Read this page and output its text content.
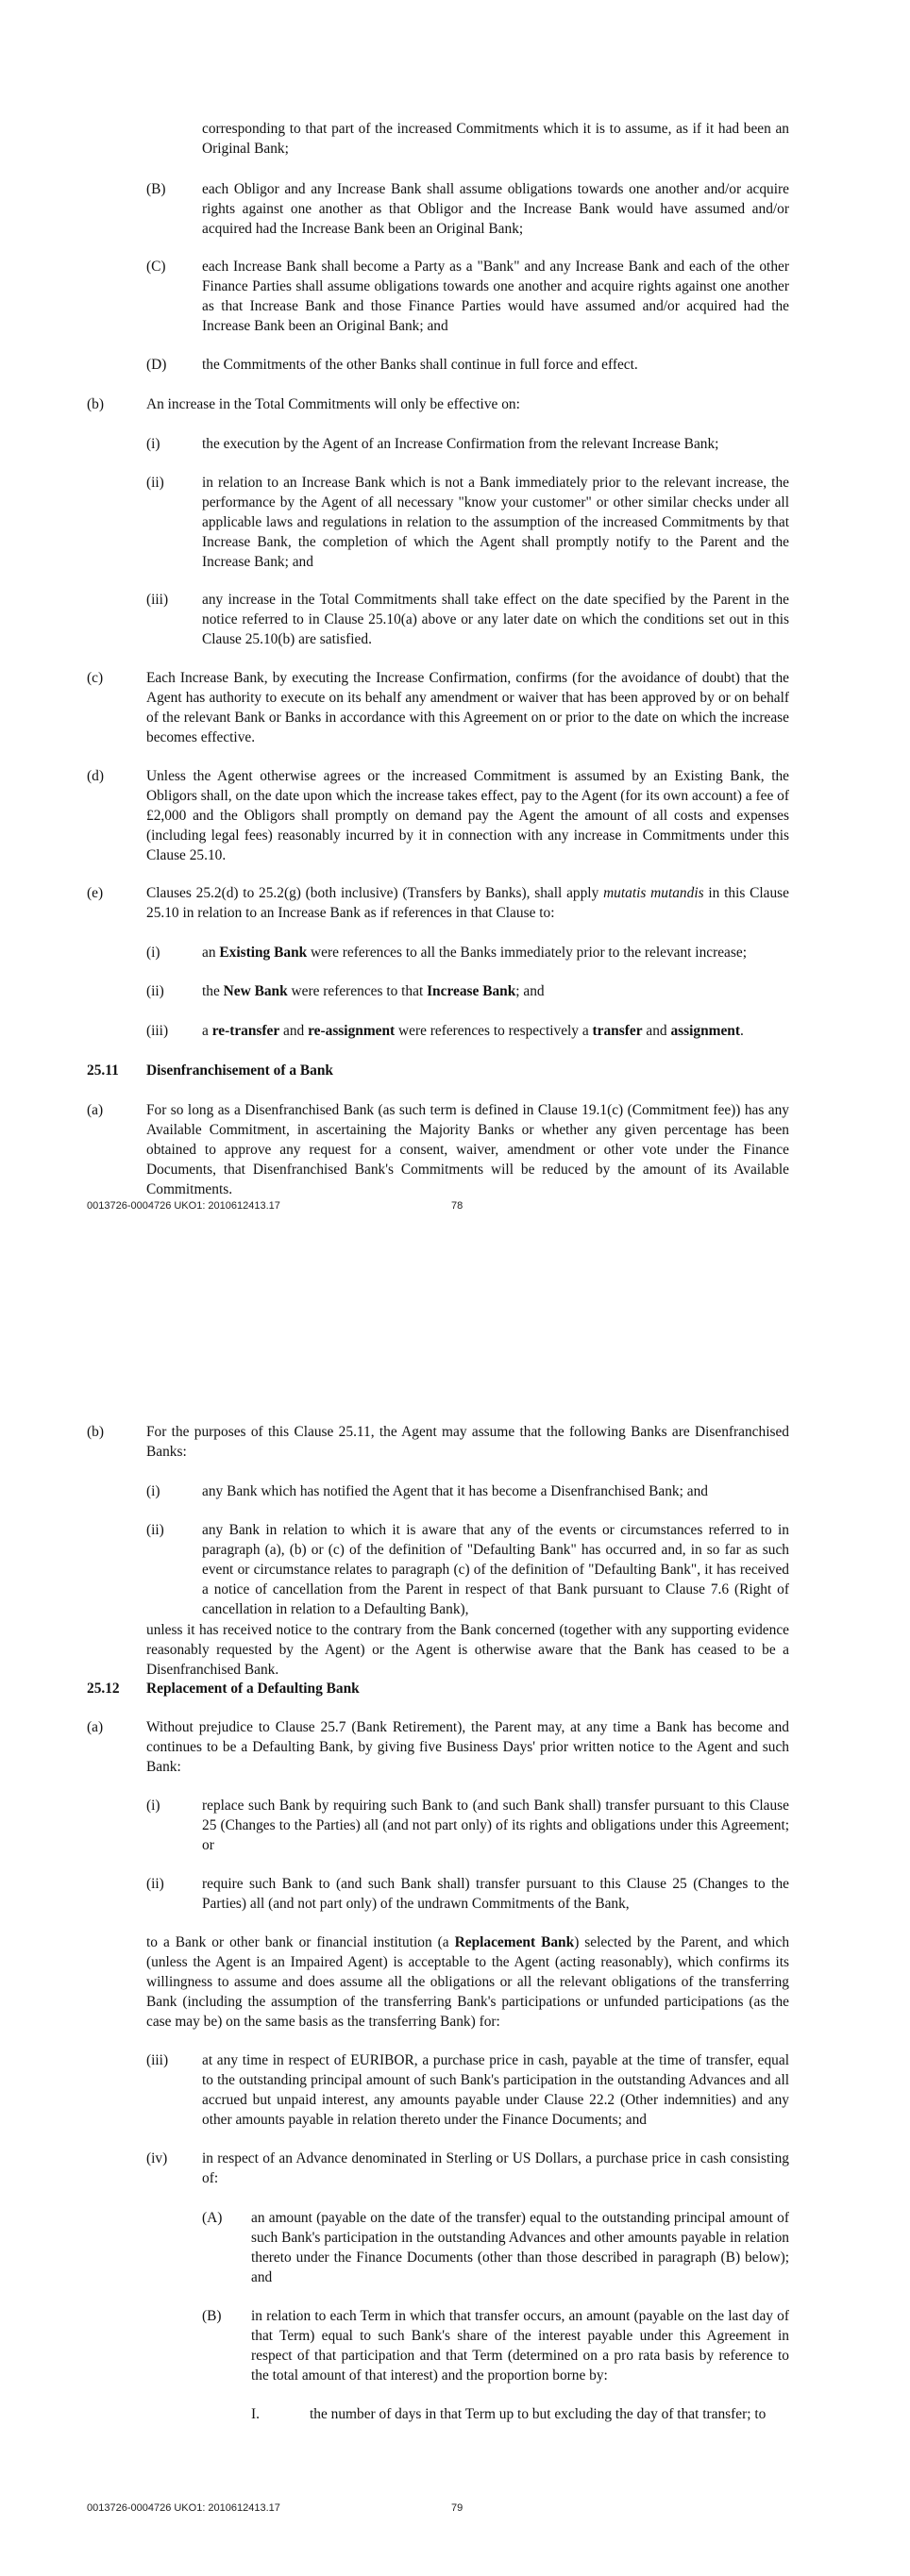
corresponding to that part of the increased Commitments which it is to assume, as if it had been an Original Bank;

(B) each Obligor and any Increase Bank shall assume obligations towards one another and/or acquire rights against one another as that Obligor and the Increase Bank would have assumed and/or acquired had the Increase Bank been an Original Bank;

(C) each Increase Bank shall become a Party as a "Bank" and any Increase Bank and each of the other Finance Parties shall assume obligations towards one another and acquire rights against one another as that Increase Bank and those Finance Parties would have assumed and/or acquired had the Increase Bank been an Original Bank; and

(D) the Commitments of the other Banks shall continue in full force and effect.

(b)	An increase in the Total Commitments will only be effective on:

(i)	the execution by the Agent of an Increase Confirmation from the relevant Increase Bank;

(ii)	in relation to an Increase Bank which is not a Bank immediately prior to the relevant increase, the performance by the Agent of all necessary "know your customer" or other similar checks under all applicable laws and regulations in relation to the assumption of the increased Commitments by that Increase Bank, the completion of which the Agent shall promptly notify to the Parent and the Increase Bank; and

(iii) any increase in the Total Commitments shall take effect on the date specified by the Parent in the notice referred to in Clause 25.10(a) above or any later date on which the conditions set out in this Clause 25.10(b) are satisfied.

(c)	Each Increase Bank, by executing the Increase Confirmation, confirms (for the avoidance of doubt) that the Agent has authority to execute on its behalf any amendment or waiver that has been approved by or on behalf of the relevant Bank or Banks in accordance with this Agreement on or prior to the date on which the increase becomes effective.

(d)	Unless the Agent otherwise agrees or the increased Commitment is assumed by an Existing Bank, the Obligors shall, on the date upon which the increase takes effect, pay to the Agent (for its own account) a fee of £2,000 and the Obligors shall promptly on demand pay the Agent the amount of all costs and expenses (including legal fees) reasonably incurred by it in connection with any increase in Commitments under this Clause 25.10.

(e)	Clauses 25.2(d) to 25.2(g) (both inclusive) (Transfers by Banks), shall apply mutatis mutandis in this Clause 25.10 in relation to an Increase Bank as if references in that Clause to:

(i)	an Existing Bank were references to all the Banks immediately prior to the relevant increase;

(ii)	the New Bank were references to that Increase Bank; and

(iii) a re-transfer and re-assignment were references to respectively a transfer and assignment.

25.11 Disenfranchisement of a Bank

(a)	For so long as a Disenfranchised Bank (as such term is defined in Clause 19.1(c) (Commitment fee)) has any Available Commitment, in ascertaining the Majority Banks or whether any given percentage has been obtained to approve any request for a consent, waiver, amendment or other vote under the Finance Documents, that Disenfranchised Bank's Commitments will be reduced by the amount of its Available Commitments.

0013726-0004726 UKO1: 2010612413.17	78

(b)	For the purposes of this Clause 25.11, the Agent may assume that the following Banks are Disenfranchised Banks:

(i)	any Bank which has notified the Agent that it has become a Disenfranchised Bank; and

(ii)	any Bank in relation to which it is aware that any of the events or circumstances referred to in paragraph (a), (b) or (c) of the definition of "Defaulting Bank" has occurred and, in so far as such event or circumstance relates to paragraph (c) of the definition of "Defaulting Bank", it has received a notice of cancellation from the Parent in respect of that Bank pursuant to Clause 7.6 (Right of cancellation in relation to a Defaulting Bank),

unless it has received notice to the contrary from the Bank concerned (together with any supporting evidence reasonably requested by the Agent) or the Agent is otherwise aware that the Bank has ceased to be a Disenfranchised Bank.

25.12 Replacement of a Defaulting Bank

(a)	Without prejudice to Clause 25.7 (Bank Retirement), the Parent may, at any time a Bank has become and continues to be a Defaulting Bank, by giving five Business Days' prior written notice to the Agent and such Bank:

(i)	replace such Bank by requiring such Bank to (and such Bank shall) transfer pursuant to this Clause 25 (Changes to the Parties) all (and not part only) of its rights and obligations under this Agreement; or

(ii)	require such Bank to (and such Bank shall) transfer pursuant to this Clause 25 (Changes to the Parties) all (and not part only) of the undrawn Commitments of the Bank,

to a Bank or other bank or financial institution (a Replacement Bank) selected by the Parent, and which (unless the Agent is an Impaired Agent) is acceptable to the Agent (acting reasonably), which confirms its willingness to assume and does assume all the obligations or all the relevant obligations of the transferring Bank (including the assumption of the transferring Bank's participations or unfunded participations (as the case may be) on the same basis as the transferring Bank) for:

(iii) at any time in respect of EURIBOR, a purchase price in cash, payable at the time of transfer, equal to the outstanding principal amount of such Bank's participation in the outstanding Advances and all accrued but unpaid interest, any amounts payable under Clause 22.2 (Other indemnities) and any other amounts payable in relation thereto under the Finance Documents; and

(iv) in respect of an Advance denominated in Sterling or US Dollars, a purchase price in cash consisting of:

(A) an amount (payable on the date of the transfer) equal to the outstanding principal amount of such Bank's participation in the outstanding Advances and other amounts payable in relation thereto under the Finance Documents (other than those described in paragraph (B) below); and

(B) in relation to each Term in which that transfer occurs, an amount (payable on the last day of that Term) equal to such Bank's share of the interest payable under this Agreement in respect of that participation and that Term (determined on a pro rata basis by reference to the total amount of that interest) and the proportion borne by:

I.	the number of days in that Term up to but excluding the day of that transfer; to

0013726-0004726 UKO1: 2010612413.17	79
